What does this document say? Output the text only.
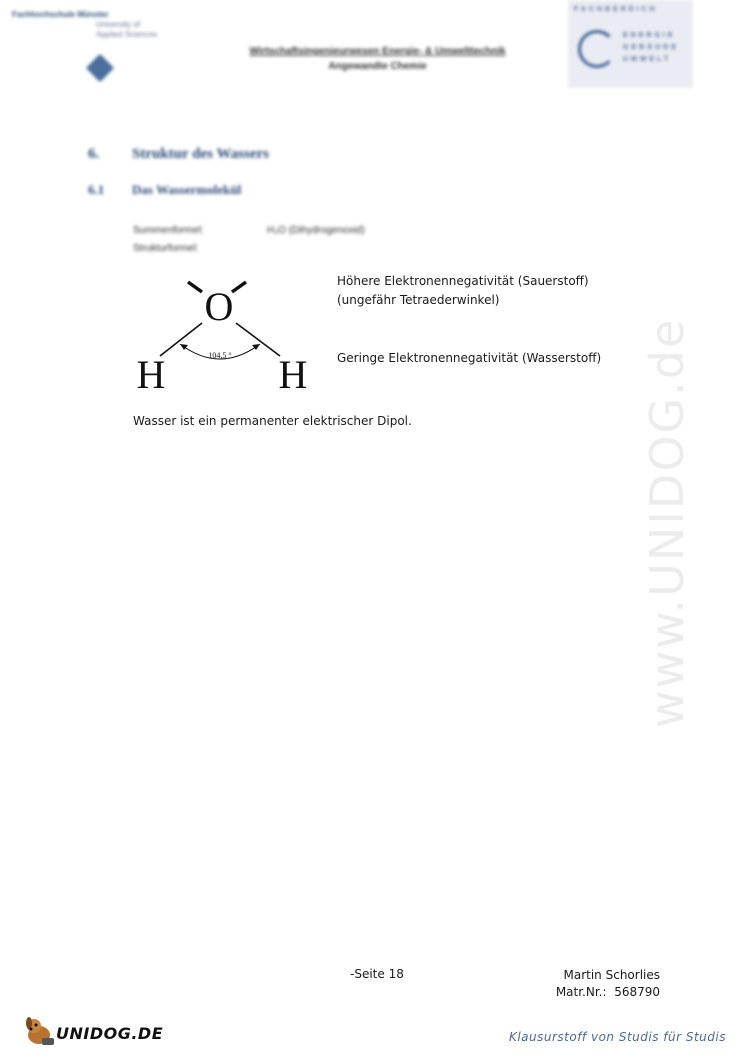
Fachhochschule Münster
University of
Applied Sciences
Wirtschaftsingenieurwesen Energie- & Umwelttechnik
Angewandte Chemie
FACHBEREICH
ENERGIE
GEBÄUDE
UMWELT
6. Struktur des Wassers
6.1 Das Wassermolekül
Summenformel:	H₂O (Dihydrogenoxid)
Strukturformel:
O
H	H
104,5 °
Höhere Elektronennegativität (Sauerstoff)
(ungefähr Tetraederwinkel)
Geringe Elektronennegativität (Wasserstoff)
Wasser ist ein permanenter elektrischer Dipol.	www.UNIDOG.de
-Seite 18	Martin Schorlies
Matr.Nr.: 568790
UNIDOG.DE	Klausurstoff von Studis für Studis
